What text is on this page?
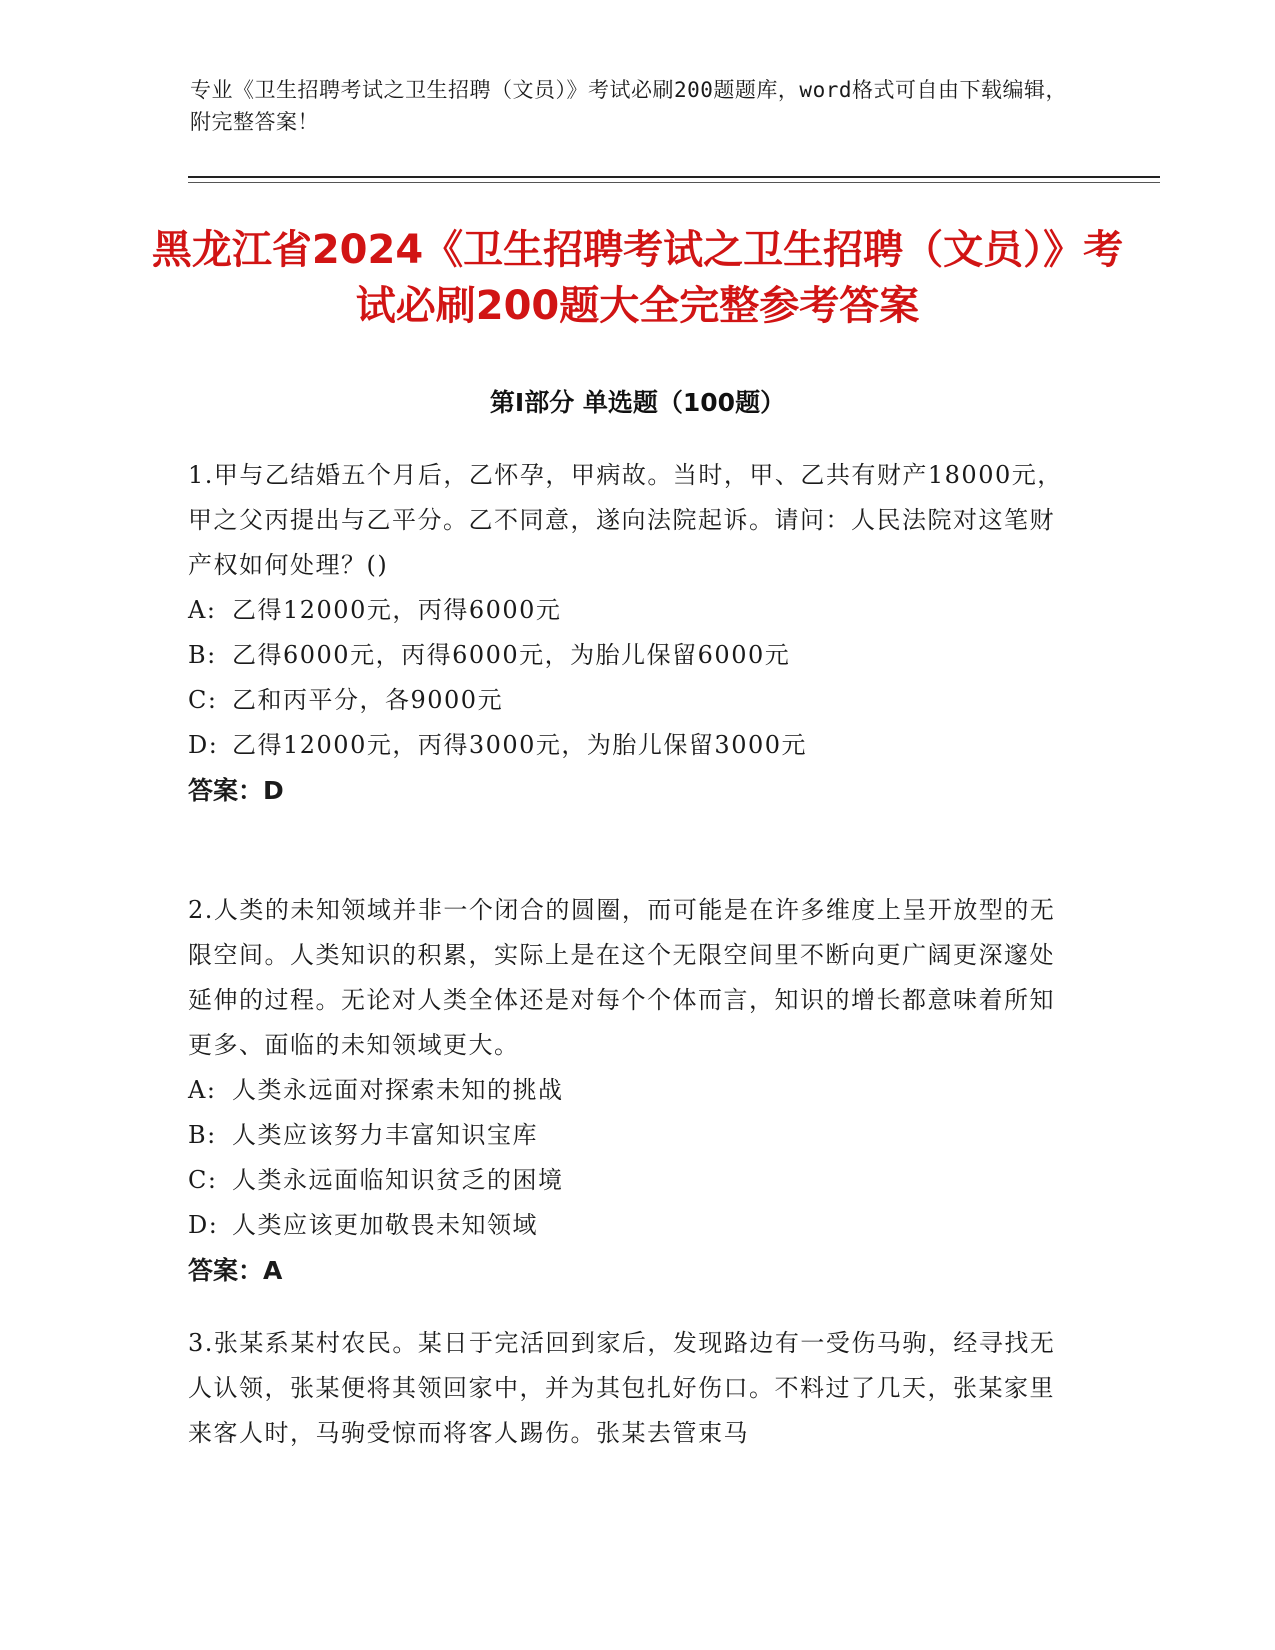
专业《卫生招聘考试之卫生招聘（文员）》考试必刷200题题库，word格式可自由下载编辑，附完整答案！
黑龙江省2024《卫生招聘考试之卫生招聘（文员）》考试必刷200题大全完整参考答案
第Ⅰ部分 单选题（100题）

1.甲与乙结婚五个月后，乙怀孕，甲病故。当时，甲、乙共有财产18000元，甲之父丙提出与乙平分。乙不同意，遂向法院起诉。请问：人民法院对这笔财产权如何处理？()

A: 乙得12000元，丙得6000元

B: 乙得6000元，丙得6000元，为胎儿保留6000元

C: 乙和丙平分，各9000元

D: 乙得12000元，丙得3000元，为胎儿保留3000元

答案：D

2.人类的未知领域并非一个闭合的圆圈，而可能是在许多维度上呈开放型的无限空间。人类知识的积累，实际上是在这个无限空间里不断向更广阔更深邃处延伸的过程。无论对人类全体还是对每个个体而言，知识的增长都意味着所知更多、面临的未知领域更大。

A: 人类永远面对探索未知的挑战

B: 人类应该努力丰富知识宝库

C: 人类永远面临知识贫乏的困境

D: 人类应该更加敬畏未知领域

答案：A

3.张某系某村农民。某日于完活回到家后，发现路边有一受伤马驹，经寻找无人认领，张某便将其领回家中，并为其包扎好伤口。不料过了几天，张某家里来客人时，马驹受惊而将客人踢伤。张某去管束马
